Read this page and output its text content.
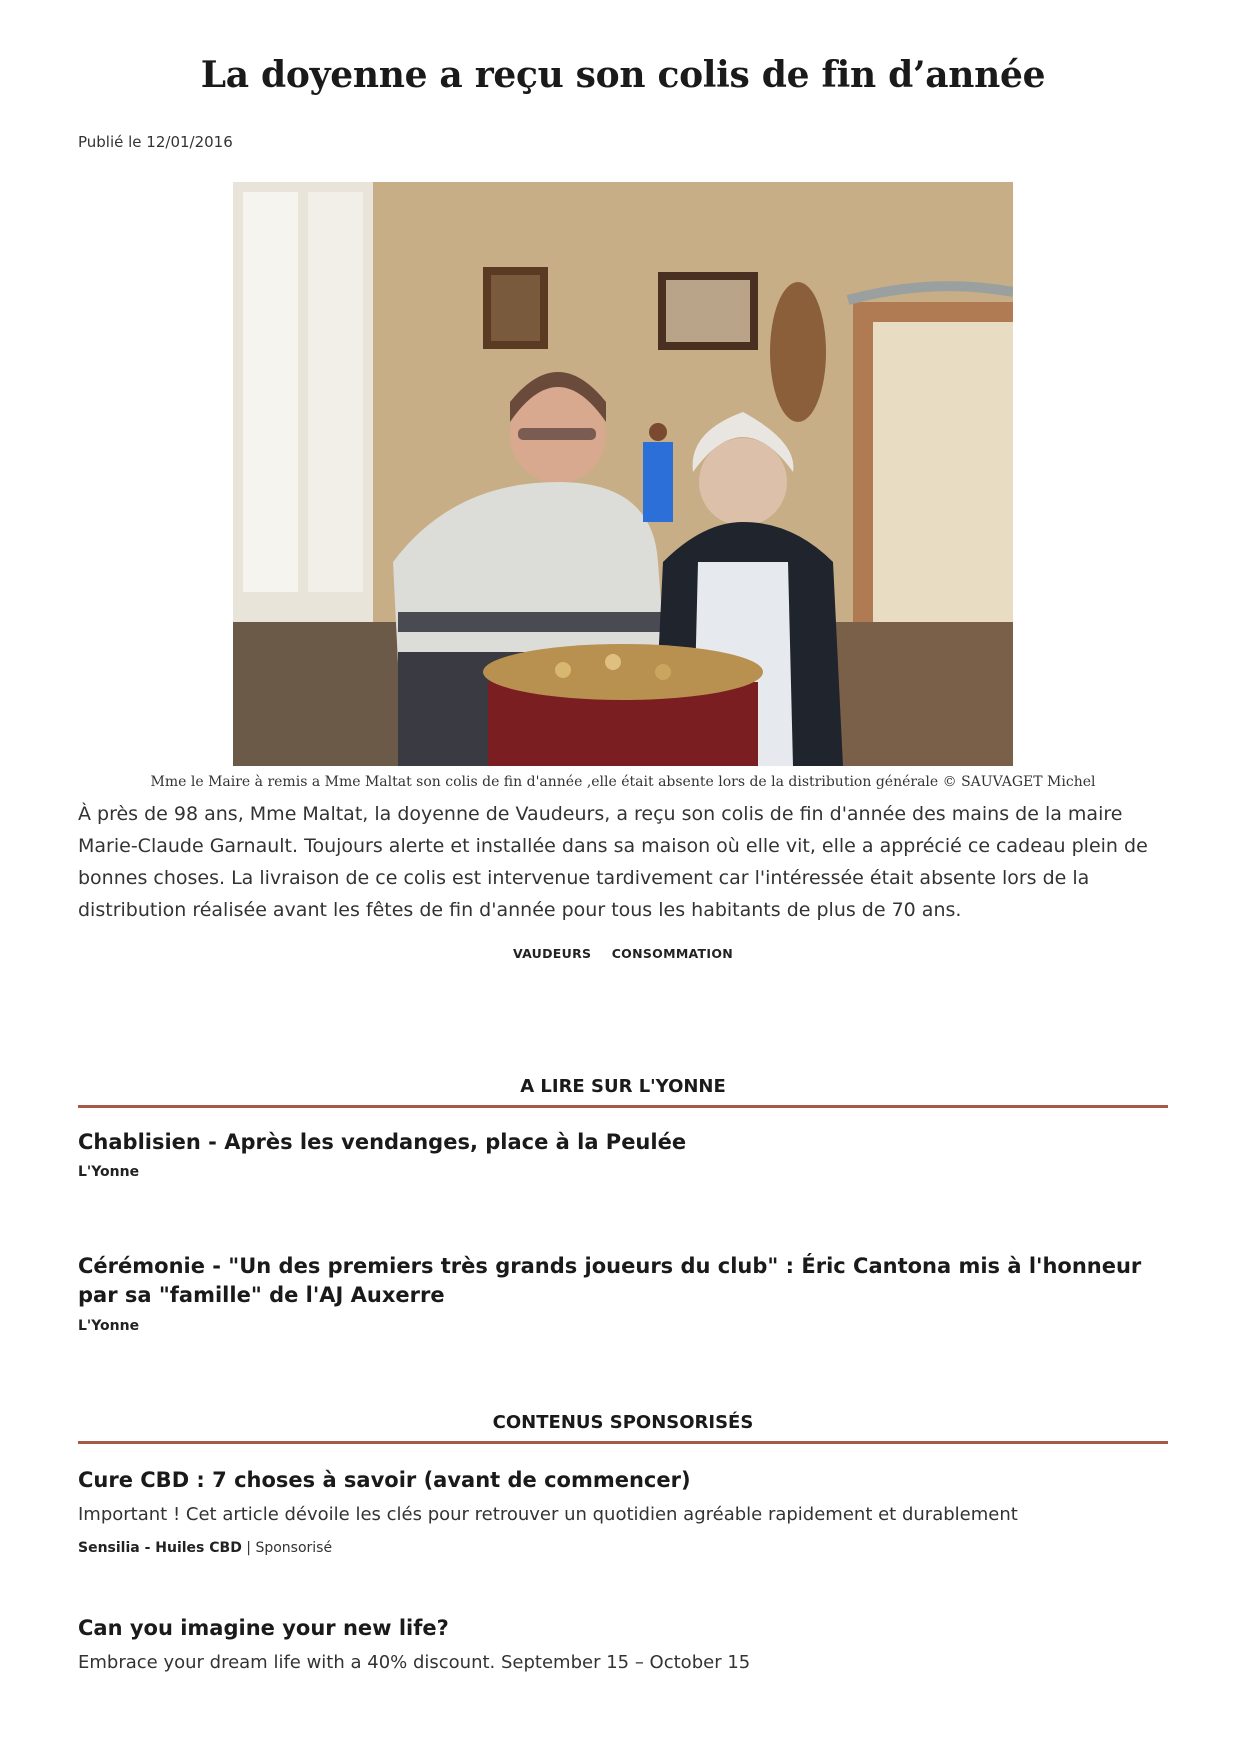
La doyenne a reçu son colis de fin d’année
Publié le 12/01/2016
Mme le Maire à remis a Mme Maltat son colis de fin d'année ,elle était absente lors de la distribution générale © SAUVAGET Michel

À près de 98 ans, Mme Maltat, la doyenne de Vaudeurs, a reçu son colis de fin d'année des mains de la maire Marie-Claude Garnault. Toujours alerte et installée dans sa maison où elle vit, elle a apprécié ce cadeau plein de bonnes choses. La livraison de ce colis est intervenue tardivement car l'intéressée était absente lors de la distribution réalisée avant les fêtes de fin d'année pour tous les habitants de plus de 70 ans.

VAUDEURS CONSOMMATION
A LIRE SUR L'YONNE
Chablisien - Après les vendanges, place à la Peulée
L'Yonne
Cérémonie - "Un des premiers très grands joueurs du club" : Éric Cantona mis à l'honneur par sa "famille" de l'AJ Auxerre
L'Yonne
CONTENUS SPONSORISÉS
Cure CBD : 7 choses à savoir (avant de commencer)
Important ! Cet article dévoile les clés pour retrouver un quotidien agréable rapidement et durablement
Sensilia - Huiles CBD | Sponsorisé
Can you imagine your new life?
Embrace your dream life with a 40% discount. September 15 – October 15
